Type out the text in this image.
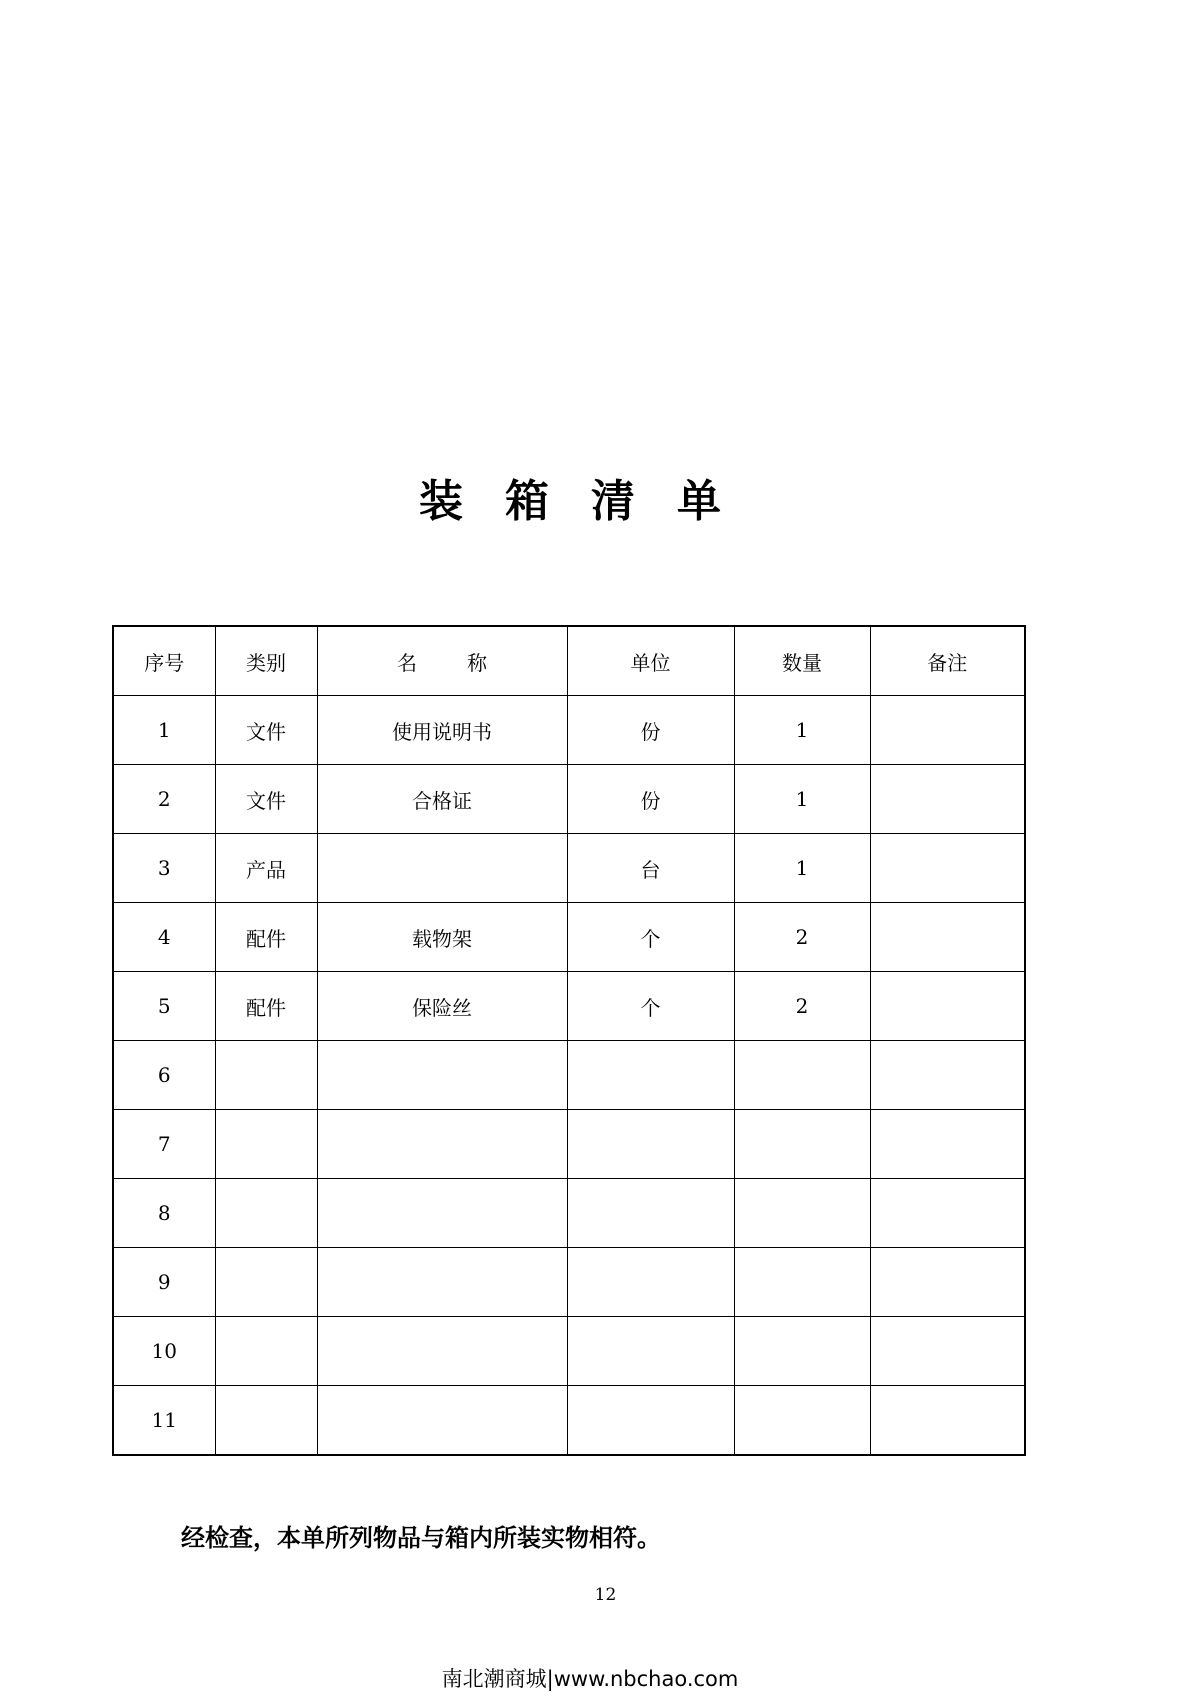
装 箱 清 单
序号	类别	名 称	单位	数量	备注
1	文件	使用说明书	份	1	
2	文件	合格证	份	1	
3	产品		台	1	
4	配件	载物架	个	2	
5	配件	保险丝	个	2	
6					
7					
8					
9					
10					
11					
经检查，本单所列物品与箱内所装实物相符。
12
南北潮商城|www.nbchao.com
